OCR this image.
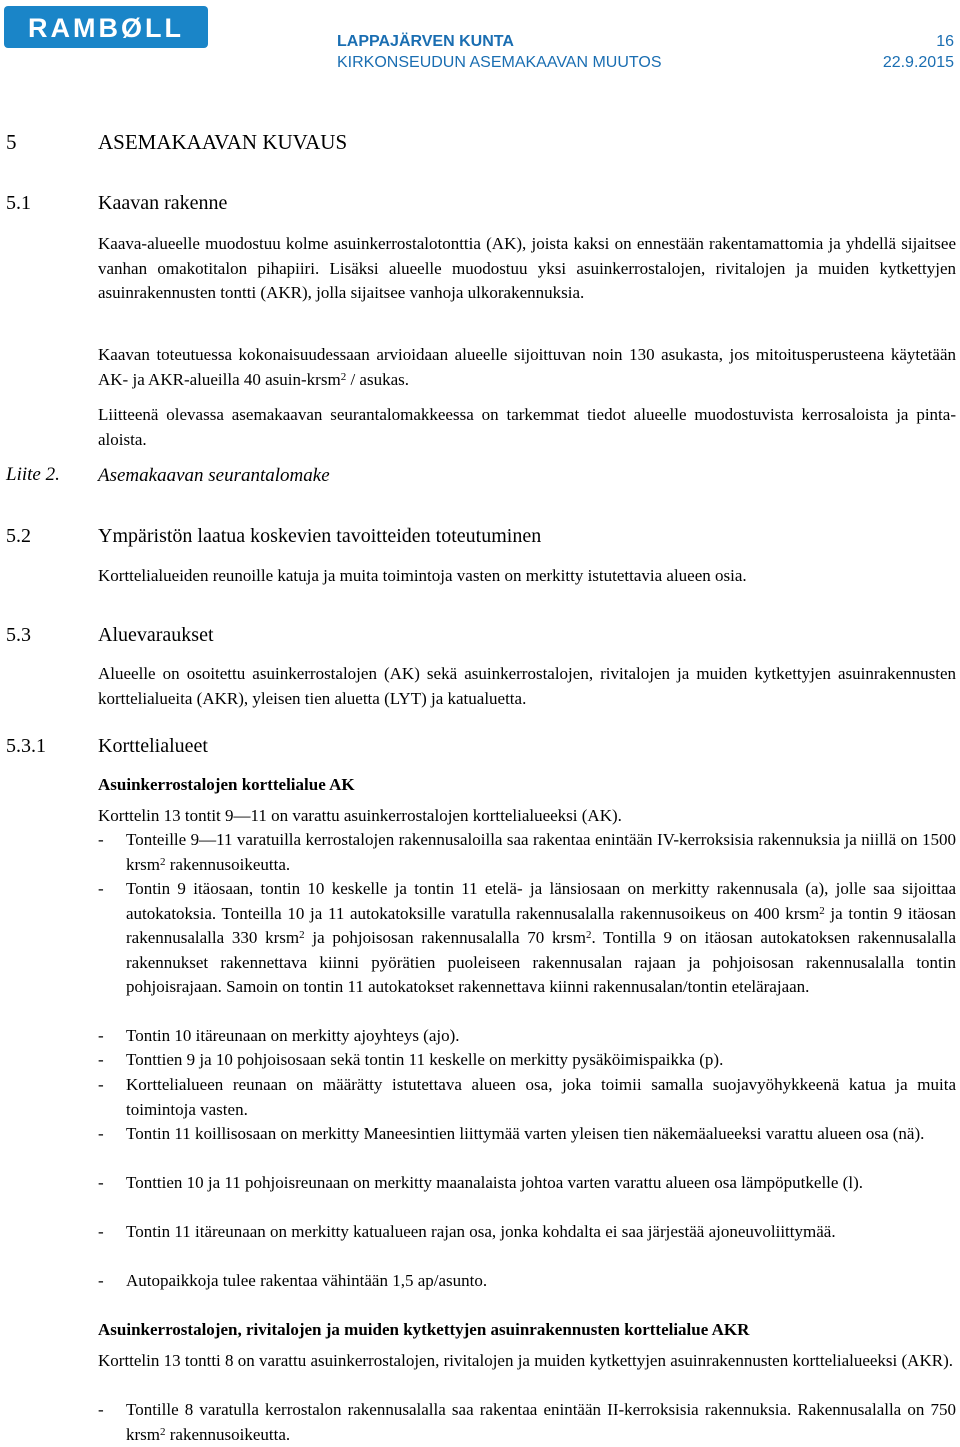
RAMBØLL	LAPPAJÄRVEN KUNTA	16
KIRKONSEUDUN ASEMAKAAVAN MUUTOS	22.9.2015
5	ASEMAKAAVAN KUVAUS
5.1	Kaavan rakenne
Kaava-alueelle muodostuu kolme asuinkerrostalotonttia (AK), joista kaksi on ennestään rakentamattomia ja yhdellä sijaitsee vanhan omakotitalon pihapiiri. Lisäksi alueelle muodostuu yksi asuinkerrostalojen, rivitalojen ja muiden kytkettyjen asuinrakennusten tontti (AKR), jolla sijaitsee vanhoja ulkorakennuksia.
Kaavan toteutuessa kokonaisuudessaan arvioidaan alueelle sijoittuvan noin 130 asukasta, jos mitoitusperusteena käytetään AK- ja AKR-alueilla 40 asuin-krsm$^2$ / asukas.
Liitteenä olevassa asemakaavan seurantalomakkeessa on tarkemmat tiedot alueelle muodostuvista kerrosaloista ja pinta-aloista.
Liite 2. Asemakaavan seurantalomake
5.2	Ympäristön laatua koskevien tavoitteiden toteutuminen
Korttelialueiden reunoille katuja ja muita toimintoja vasten on merkitty istutettavia alueen osia.
5.3	Aluevaraukset
Alueelle on osoitettu asuinkerrostalojen (AK) sekä asuinkerrostalojen, rivitalojen ja muiden kytkettyjen asuinrakennusten korttelialueita (AKR), yleisen tien aluetta (LYT) ja katualuetta.
5.3.1	Korttelialueet
Asuinkerrostalojen korttelialue AK
Korttelin 13 tontit 9—11 on varattu asuinkerrostalojen korttelialueeksi (AK).
- Tonteille 9—11 varatuilla kerrostalojen rakennusaloilla saa rakentaa enintään IV-kerroksisia rakennuksia ja niillä on 1500 krsm$^2$ rakennusoikeutta.
- Tontin 9 itäosaan, tontin 10 keskelle ja tontin 11 etelä- ja länsiosaan on merkitty rakennusala (a), jolle saa sijoittaa autokatoksia. Tonteilla 10 ja 11 autokatoksille varatulla rakennusalalla rakennusoikeus on 400 krsm$^2$ ja tontin 9 itäosan rakennusalalla 330 krsm$^2$ ja pohjoisosan rakennusalalla 70 krsm$^2$. Tontilla 9 on itäosan autokatoksen rakennusalalla rakennukset rakennettava kiinni pyörätien puoleiseen rakennusalan rajaan ja pohjoisosan rakennusalalla tontin pohjoisrajaan. Samoin on tontin 11 autokatokset rakennettava kiinni rakennusalan/tontin etelärajaan.
- Tontin 10 itäreunaan on merkitty ajoyhteys (ajo).
- Tonttien 9 ja 10 pohjoisosaan sekä tontin 11 keskelle on merkitty pysäköimispaikka (p).
- Korttelialueen reunaan on määrätty istutettava alueen osa, joka toimii samalla suojavyöhykkeenä katua ja muita toimintoja vasten.
- Tontin 11 koillisosaan on merkitty Maneesintien liittymää varten yleisen tien näkemäalueeksi varattu alueen osa (nä).
- Tonttien 10 ja 11 pohjoisreunaan on merkitty maanalaista johtoa varten varattu alueen osa lämpöputkelle (l).
- Tontin 11 itäreunaan on merkitty katualueen rajan osa, jonka kohdalta ei saa järjestää ajoneuvoliittymää.
- Autopaikkoja tulee rakentaa vähintään 1,5 ap/asunto.
Asuinkerrostalojen, rivitalojen ja muiden kytkettyjen asuinrakennusten korttelialue AKR
Korttelin 13 tontti 8 on varattu asuinkerrostalojen, rivitalojen ja muiden kytkettyjen asuinrakennusten korttelialueeksi (AKR).
- Tontille 8 varatulla kerrostalon rakennusalalla saa rakentaa enintään II-kerroksisia rakennuksia. Rakennusalalla on 750 krsm$^2$ rakennusoikeutta.
